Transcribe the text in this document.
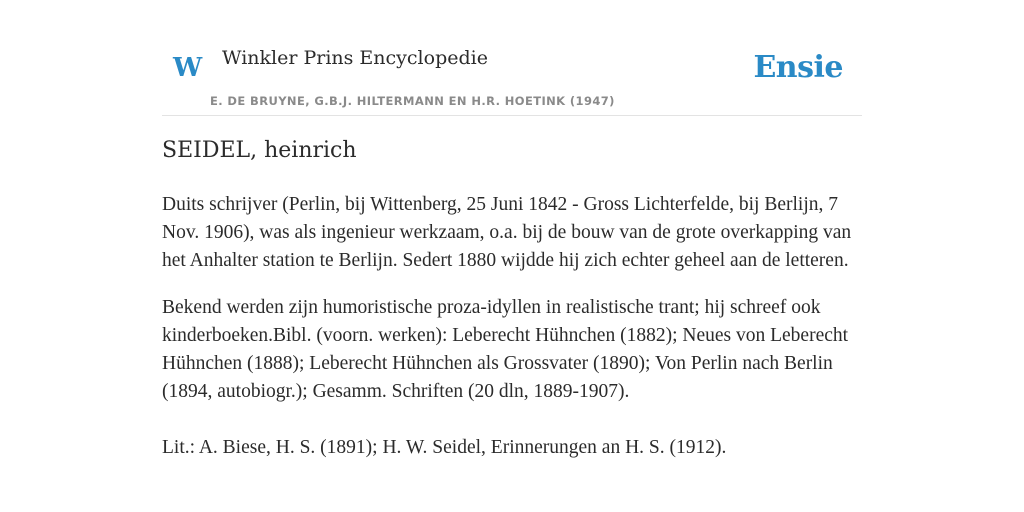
W Winkler Prins Encyclopedie
E. DE BRUYNE, G.B.J. HILTERMANN EN H.R. HOETINK (1947)
Ensie
SEIDEL, heinrich

Duits schrijver (Perlin, bij Wittenberg, 25 Juni 1842 - Gross Lichterfelde, bij Berlijn, 7 Nov. 1906), was als ingenieur werkzaam, o.a. bij de bouw van de grote overkapping van het Anhalter station te Berlijn. Sedert 1880 wijdde hij zich echter geheel aan de letteren.

Bekend werden zijn humoristische proza-idyllen in realistische trant; hij schreef ook kinderboeken.Bibl. (voorn. werken): Leberecht Hühnchen (1882); Neues von Leberecht Hühnchen (1888); Leberecht Hühnchen als Grossvater (1890); Von Perlin nach Berlin (1894, autobiogr.); Gesamm. Schriften (20 dln, 1889-1907).

Lit.: A. Biese, H. S. (1891); H. W. Seidel, Erinnerungen an H. S. (1912).
